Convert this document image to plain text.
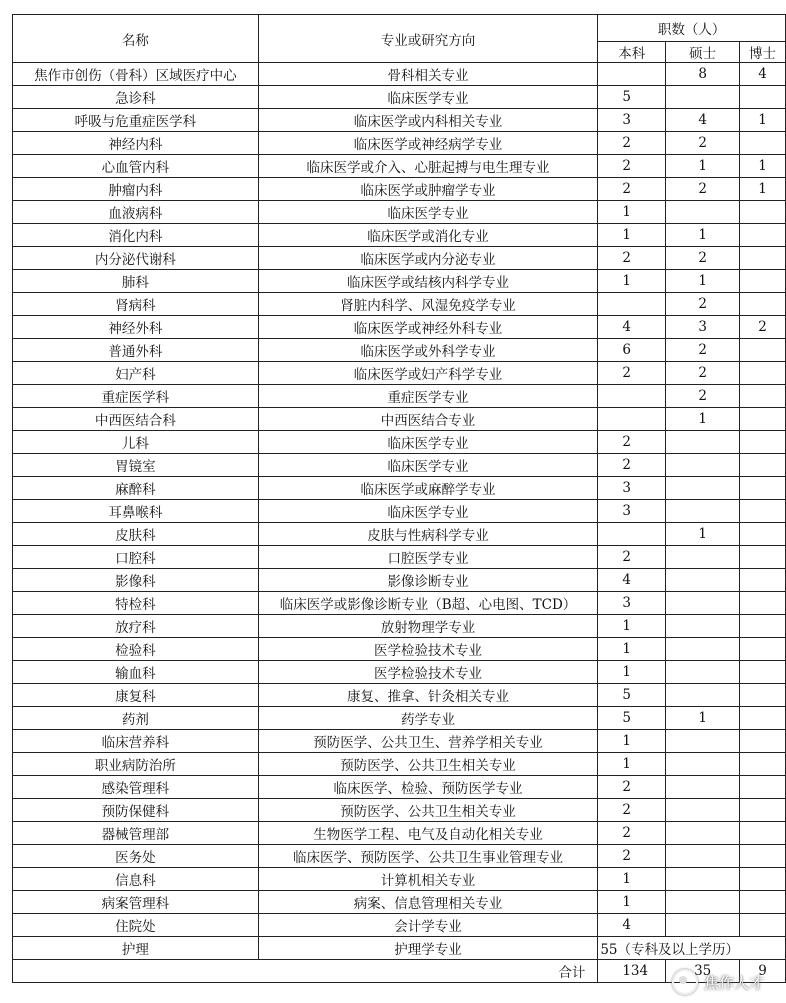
名称	专业或研究方向	职数（人）		
		本科	硕士	博士
焦作市创伤（骨科）区域医疗中心	骨科相关专业		8	4
急诊科	临床医学专业	5		
呼吸与危重症医学科	临床医学或内科相关专业	3	4	1
神经内科	临床医学或神经病学专业	2	2	
心血管内科	临床医学或介入、心脏起搏与电生理专业	2	1	1
肿瘤内科	临床医学或肿瘤学专业	2	2	1
血液病科	临床医学专业	1		
消化内科	临床医学或消化专业	1	1	
内分泌代谢科	临床医学或内分泌专业	2	2	
肺科	临床医学或结核内科学专业	1	1	
肾病科	肾脏内科学、风湿免疫学专业		2	
神经外科	临床医学或神经外科专业	4	3	2
普通外科	临床医学或外科学专业	6	2	
妇产科	临床医学或妇产科学专业	2	2	
重症医学科	重症医学专业		2	
中西医结合科	中西医结合专业		1	
儿科	临床医学专业	2		
胃镜室	临床医学专业	2		
麻醉科	临床医学或麻醉学专业	3		
耳鼻喉科	临床医学专业	3		
皮肤科	皮肤与性病科学专业		1	
口腔科	口腔医学专业	2		
影像科	影像诊断专业	4		
特检科	临床医学或影像诊断专业（B超、心电图、TCD）	3		
放疗科	放射物理学专业	1		
检验科	医学检验技术专业	1		
输血科	医学检验技术专业	1		
康复科	康复、推拿、针灸相关专业	5		
药剂	药学专业	5	1	
临床营养科	预防医学、公共卫生、营养学相关专业	1		
职业病防治所	预防医学、公共卫生相关专业	1		
感染管理科	临床医学、检验、预防医学专业	2		
预防保健科	预防医学、公共卫生相关专业	2		
器械管理部	生物医学工程、电气及自动化相关专业	2		
医务处	临床医学、预防医学、公共卫生事业管理专业	2		
信息科	计算机相关专业	1		
病案管理科	病案、信息管理相关专业	1		
住院处	会计学专业	4		
护理	护理学专业	55（专科及以上学历）		
合计		134	35	9
焦作人才
